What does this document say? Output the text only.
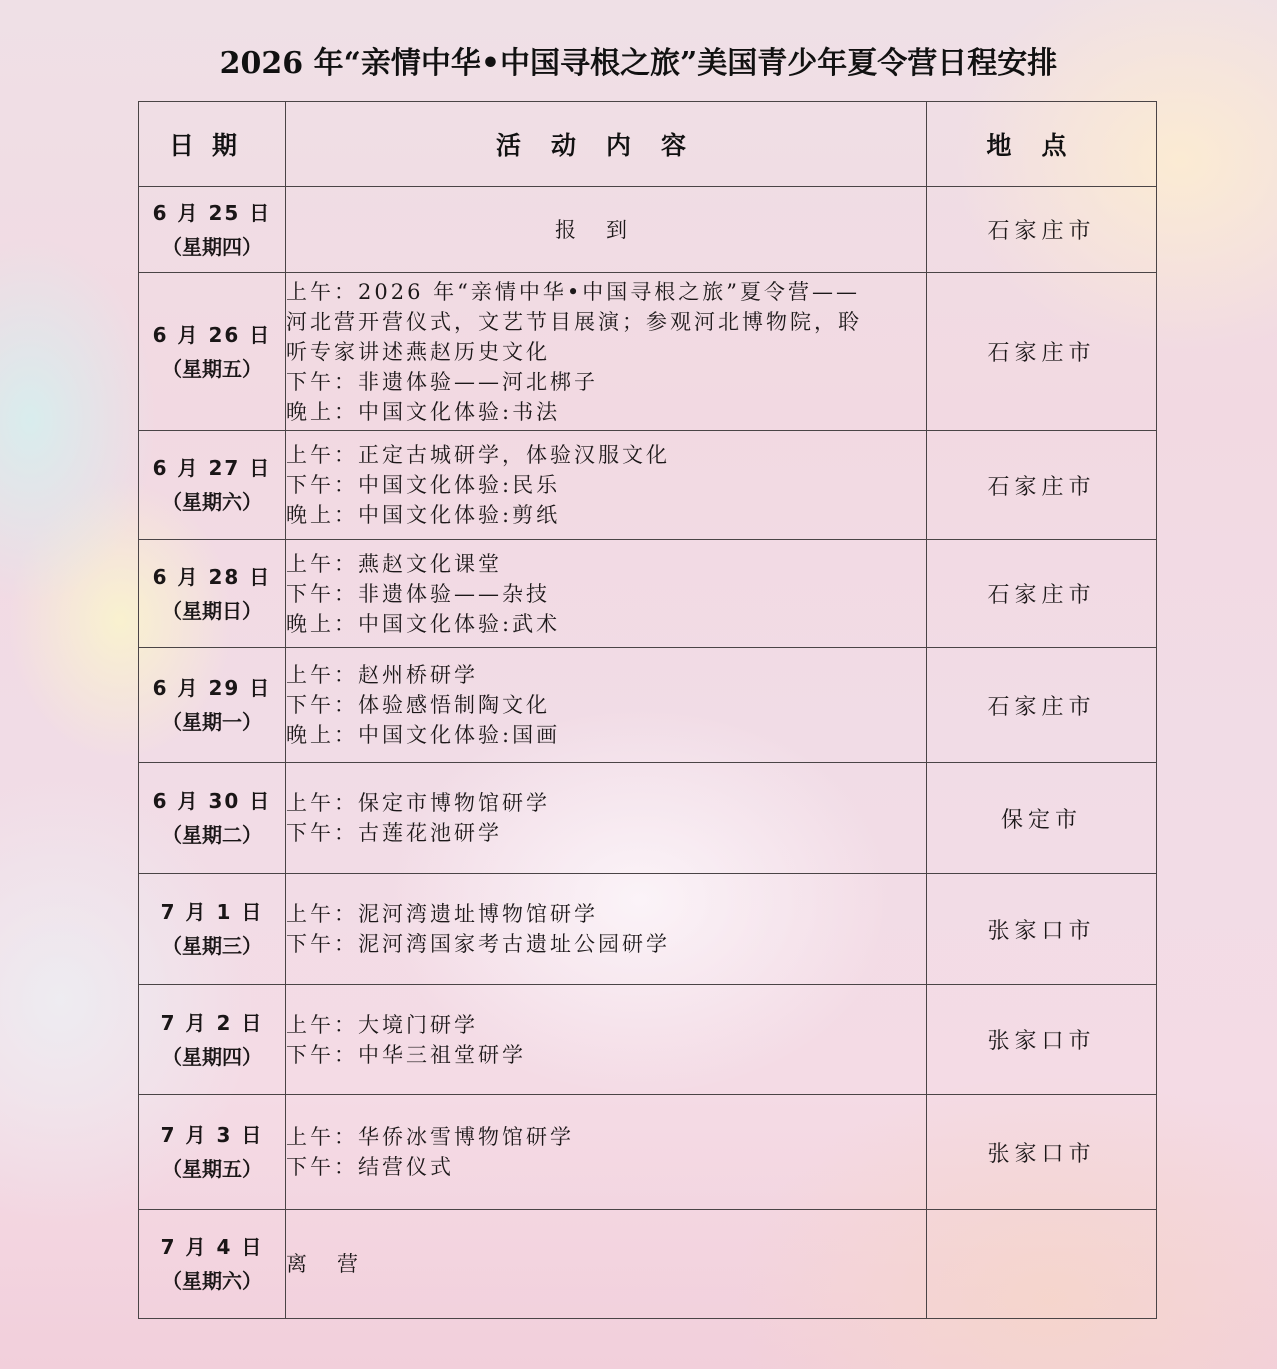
2026 年“亲情中华•中国寻根之旅”美国青少年夏令营日程安排
日期	活动内容	地点

6 月 25 日
（星期四）	报到	石家庄市

6 月 26 日
（星期五）	上午：2026 年“亲情中华•中国寻根之旅”夏令营——
河北营开营仪式，文艺节目展演；参观河北博物院，聆
听专家讲述燕赵历史文化
下午：非遗体验——河北梆子
晚上：中国文化体验:书法	石家庄市

6 月 27 日
（星期六）	上午：正定古城研学，体验汉服文化
下午：中国文化体验:民乐
晚上：中国文化体验:剪纸	石家庄市

6 月 28 日
（星期日）	上午：燕赵文化课堂
下午：非遗体验——杂技
晚上：中国文化体验:武术	石家庄市

6 月 29 日
（星期一）	上午：赵州桥研学
下午：体验感悟制陶文化
晚上：中国文化体验:国画	石家庄市

6 月 30 日
（星期二）	上午：保定市博物馆研学
下午：古莲花池研学	保定市

7 月 1 日
（星期三）	上午：泥河湾遗址博物馆研学
下午：泥河湾国家考古遗址公园研学	张家口市

7 月 2 日
（星期四）	上午：大境门研学
下午：中华三祖堂研学	张家口市

7 月 3 日
（星期五）	上午：华侨冰雪博物馆研学
下午：结营仪式	张家口市

7 月 4 日
（星期六）	离营	
